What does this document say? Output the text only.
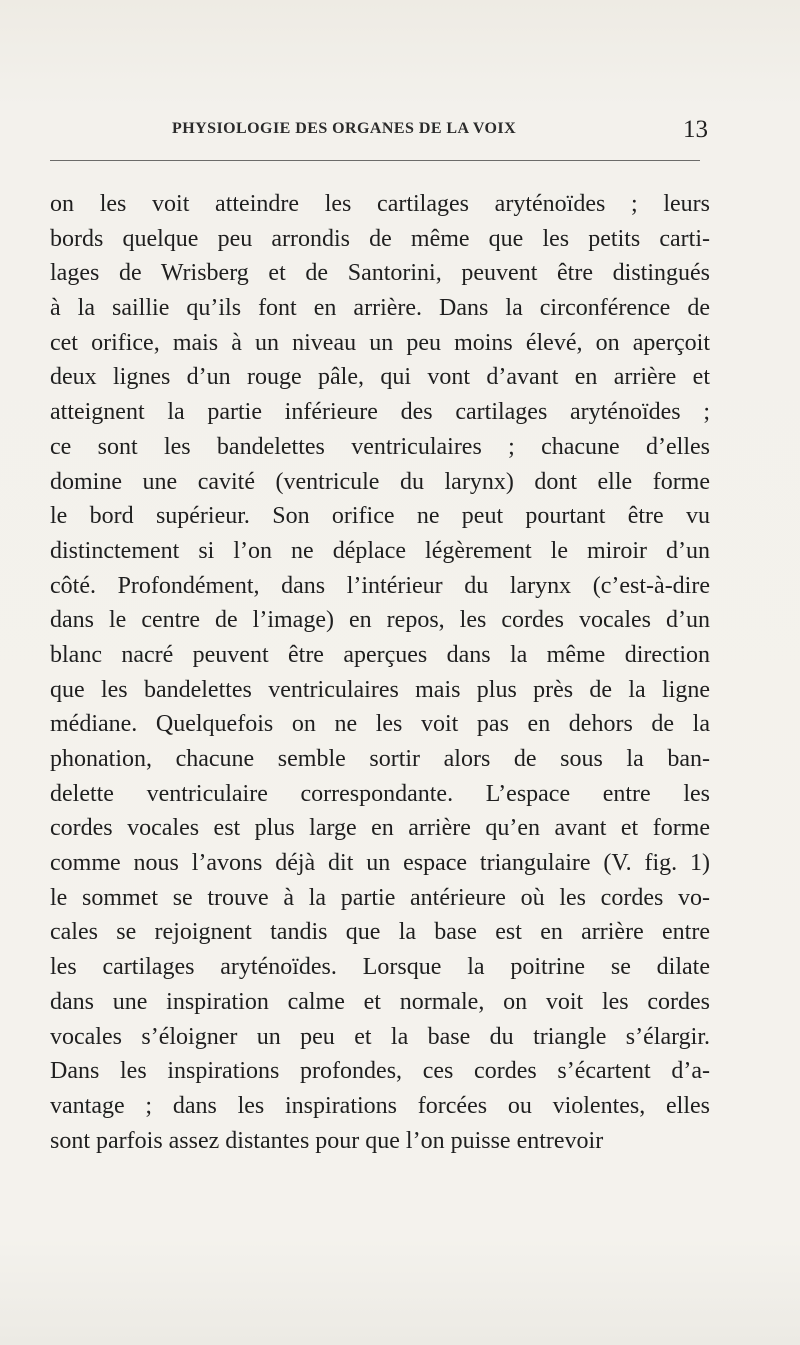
PHYSIOLOGIE DES ORGANES DE LA VOIX	13
on les voit atteindre les cartilages aryténoïdes ; leurs
bords quelque peu arrondis de même que les petits carti-
lages de Wrisberg et de Santorini, peuvent être distingués
à la saillie qu’ils font en arrière. Dans la circonférence de
cet orifice, mais à un niveau un peu moins élevé, on aperçoit
deux lignes d’un rouge pâle, qui vont d’avant en arrière et
atteignent la partie inférieure des cartilages aryténoïdes ;
ce sont les bandelettes ventriculaires ; chacune d’elles
domine une cavité (ventricule du larynx) dont elle forme
le bord supérieur. Son orifice ne peut pourtant être vu
distinctement si l’on ne déplace légèrement le miroir d’un
côté. Profondément, dans l’intérieur du larynx (c’est-à-dire
dans le centre de l’image) en repos, les cordes vocales d’un
blanc nacré peuvent être aperçues dans la même direction
que les bandelettes ventriculaires mais plus près de la ligne
médiane. Quelquefois on ne les voit pas en dehors de la
phonation, chacune semble sortir alors de sous la ban-
delette ventriculaire correspondante. L’espace entre les
cordes vocales est plus large en arrière qu’en avant et forme
comme nous l’avons déjà dit un espace triangulaire (V. fig. 1)
le sommet se trouve à la partie antérieure où les cordes vo-
cales se rejoignent tandis que la base est en arrière entre
les cartilages aryténoïdes. Lorsque la poitrine se dilate
dans une inspiration calme et normale, on voit les cordes
vocales s’éloigner un peu et la base du triangle s’élargir.
Dans les inspirations profondes, ces cordes s’écartent d’a-
vantage ; dans les inspirations forcées ou violentes, elles
sont parfois assez distantes pour que l’on puisse entrevoir
